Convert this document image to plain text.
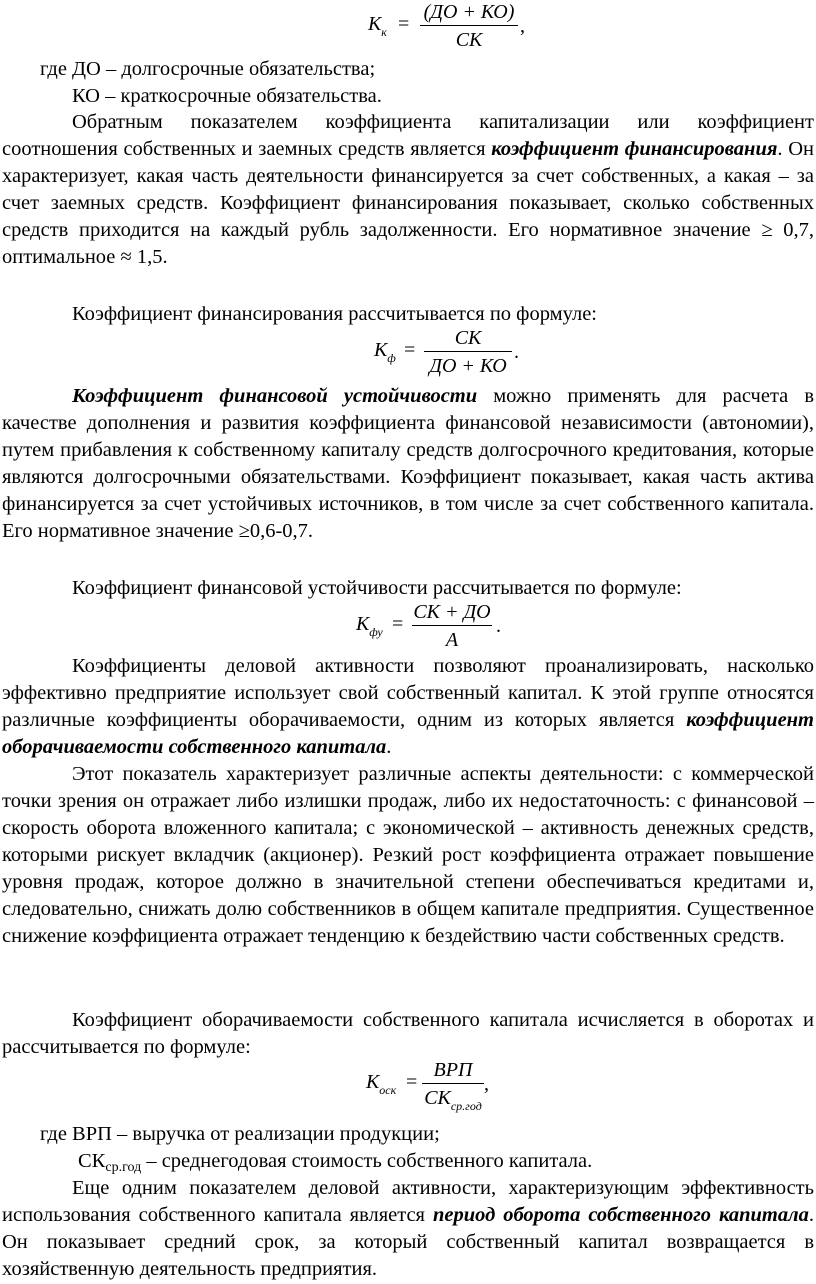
$К_к$ =
(ДО + КО)
СК
,
где ДО – долгосрочные обязательства;
КО – краткосрочные обязательства.
Обратным показателем коэффициента капитализации или коэффициент соотношения собственных и заемных средств является коэффициент финансирования. Он характеризует, какая часть деятельности финансируется за счет собственных, а какая – за счет заемных средств. Коэффициент финансирования показывает, сколько собственных средств приходится на каждый рубль задолженности. Его нормативное значение ≥ 0,7, оптимальное ≈ 1,5.
Коэффициент финансирования рассчитывается по формуле:
$К_ф$ =
СК
ДО + КО
.
Коэффициент финансовой устойчивости можно применять для расчета в качестве дополнения и развития коэффициента финансовой независимости (автономии), путем прибавления к собственному капиталу средств долгосрочного кредитования, которые являются долгосрочными обязательствами. Коэффициент показывает, какая часть актива финансируется за счет устойчивых источников, в том числе за счет собственного капитала. Его нормативное значение ≥0,6-0,7.
Коэффициент финансовой устойчивости рассчитывается по формуле:
$К_{фу}$ =
СК + ДО
А
.
Коэффициенты деловой активности позволяют проанализировать, насколько эффективно предприятие использует свой собственный капитал. К этой группе относятся различные коэффициенты оборачиваемости, одним из которых является коэффициент оборачиваемости собственного капитала.
Этот показатель характеризует различные аспекты деятельности: с коммерческой точки зрения он отражает либо излишки продаж, либо их недостаточность: с финансовой – скорость оборота вложенного капитала; с экономической – активность денежных средств, которыми рискует вкладчик (акционер). Резкий рост коэффициента отражает повышение уровня продаж, которое должно в значительной степени обеспечиваться кредитами и, следовательно, снижать долю собственников в общем капитале предприятия. Существенное снижение коэффициента отражает тенденцию к бездействию части собственных средств.
Коэффициент оборачиваемости собственного капитала исчисляется в оборотах и рассчитывается по формуле:
$К_{оск}$ =
ВРП
$СК_{ср.год}$
,
где ВРП – выручка от реализации продукции;
СКср.год – среднегодовая стоимость собственного капитала.
Еще одним показателем деловой активности, характеризующим эффективность использования собственного капитала является период оборота собственного капитала. Он показывает средний срок, за который собственный капитал возвращается в хозяйственную деятельность предприятия.
